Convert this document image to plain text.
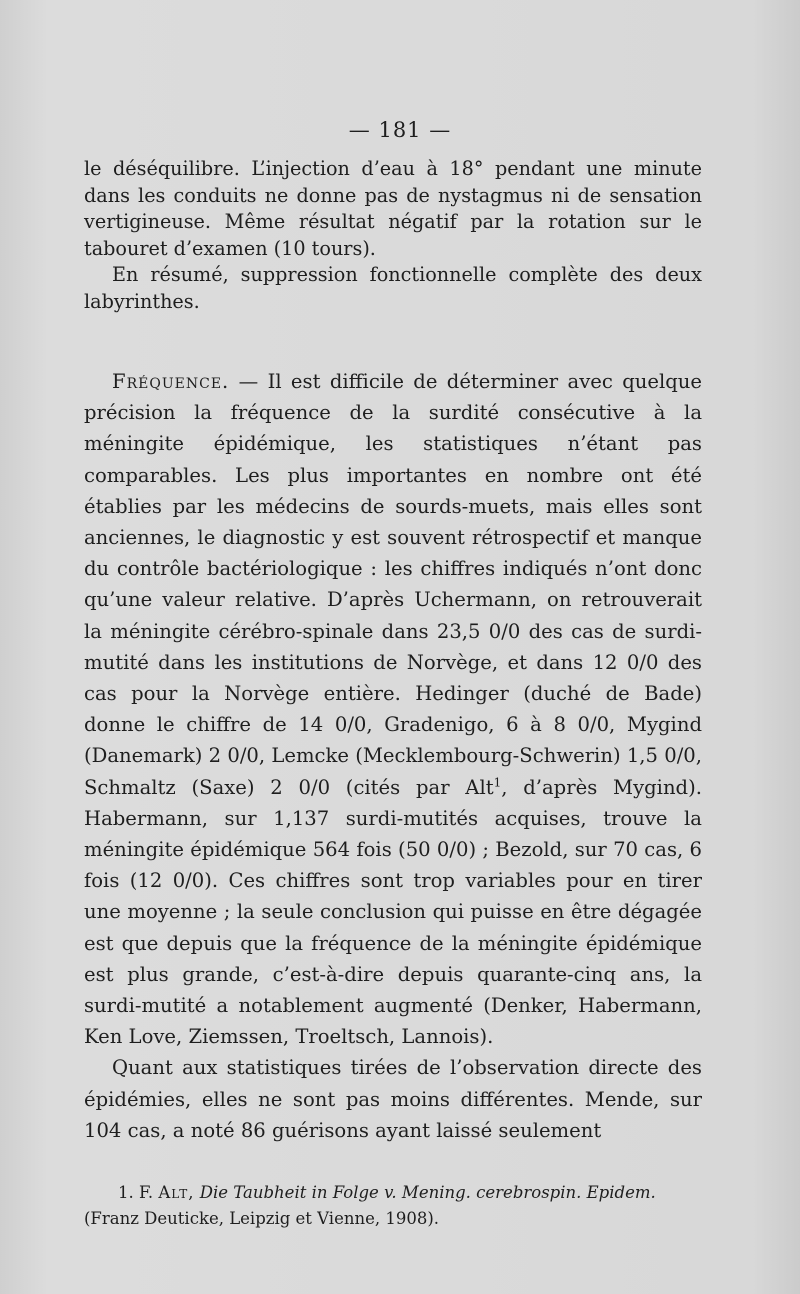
— 181 —

le déséquilibre. L’injection d’eau à 18° pendant une minute dans les conduits ne donne pas de nystagmus ni de sensation vertigineuse. Même résultat négatif par la rotation sur le tabouret d’examen (10 tours).

En résumé, suppression fonctionnelle complète des deux labyrinthes.

Fréquence. — Il est difficile de déterminer avec quelque précision la fréquence de la surdité consécutive à la méningite épidémique, les statistiques n’étant pas comparables. Les plus importantes en nombre ont été établies par les médecins de sourds-muets, mais elles sont anciennes, le diagnostic y est souvent rétrospectif et manque du contrôle bactériologique : les chiffres indiqués n’ont donc qu’une valeur relative. D’après Uchermann, on retrouverait la méningite cérébro-spinale dans 23,5 0/0 des cas de surdi-mutité dans les institutions de Norvège, et dans 12 0/0 des cas pour la Norvège entière. Hedinger (duché de Bade) donne le chiffre de 14 0/0, Gradenigo, 6 à 8 0/0, Mygind (Danemark) 2 0/0, Lemcke (Mecklembourg-Schwerin) 1,5 0/0, Schmaltz (Saxe) 2 0/0 (cités par Alt$^1$, d’après Mygind). Habermann, sur 1,137 surdi-mutités acquises, trouve la méningite épidémique 564 fois (50 0/0) ; Bezold, sur 70 cas, 6 fois (12 0/0). Ces chiffres sont trop variables pour en tirer une moyenne ; la seule conclusion qui puisse en être dégagée est que depuis que la fréquence de la méningite épidémique est plus grande, c’est-à-dire depuis quarante-cinq ans, la surdi-mutité a notablement augmenté (Denker, Habermann, Ken Love, Ziemssen, Troeltsch, Lannois).

Quant aux statistiques tirées de l’observation directe des épidémies, elles ne sont pas moins différentes. Mende, sur 104 cas, a noté 86 guérisons ayant laissé seulement

1. F. Alt, Die Taubheit in Folge v. Mening. cerebrospin. Epidem.
(Franz Deuticke, Leipzig et Vienne, 1908).
